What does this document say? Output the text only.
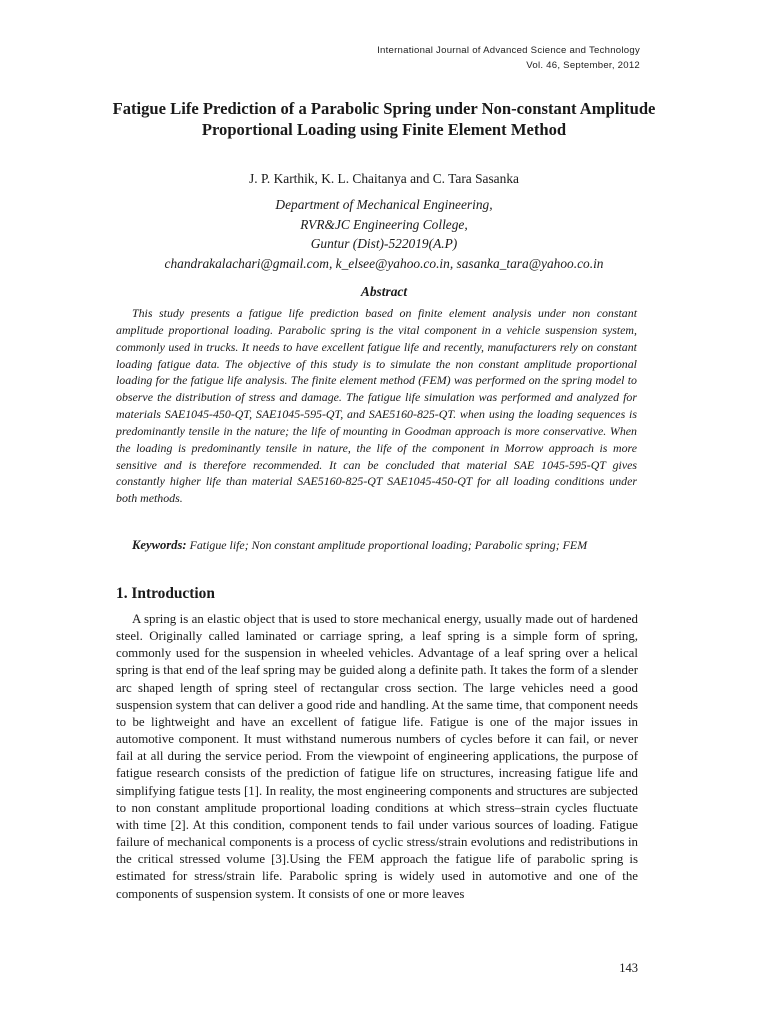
International Journal of Advanced Science and Technology
Vol. 46, September, 2012
Fatigue Life Prediction of a Parabolic Spring under Non-constant Amplitude Proportional Loading using Finite Element Method
J. P. Karthik, K. L. Chaitanya and C. Tara Sasanka
Department of Mechanical Engineering,
RVR&JC Engineering College,
Guntur (Dist)-522019(A.P)
chandrakalachari@gmail.com, k_elsee@yahoo.co.in, sasanka_tara@yahoo.co.in
Abstract
This study presents a fatigue life prediction based on finite element analysis under non constant amplitude proportional loading. Parabolic spring is the vital component in a vehicle suspension system, commonly used in trucks. It needs to have excellent fatigue life and recently, manufacturers rely on constant loading fatigue data. The objective of this study is to simulate the non constant amplitude proportional loading for the fatigue life analysis. The finite element method (FEM) was performed on the spring model to observe the distribution of stress and damage. The fatigue life simulation was performed and analyzed for materials SAE1045-450-QT, SAE1045-595-QT, and SAE5160-825-QT. when using the loading sequences is predominantly tensile in the nature; the life of mounting in Goodman approach is more conservative. When the loading is predominantly tensile in nature, the life of the component in Morrow approach is more sensitive and is therefore recommended. It can be concluded that material SAE 1045-595-QT gives constantly higher life than material SAE5160-825-QT SAE1045-450-QT for all loading conditions under both methods.
Keywords: Fatigue life; Non constant amplitude proportional loading; Parabolic spring; FEM
1. Introduction
A spring is an elastic object that is used to store mechanical energy, usually made out of hardened steel. Originally called laminated or carriage spring, a leaf spring is a simple form of spring, commonly used for the suspension in wheeled vehicles. Advantage of a leaf spring over a helical spring is that end of the leaf spring may be guided along a definite path. It takes the form of a slender arc shaped length of spring steel of rectangular cross section. The large vehicles need a good suspension system that can deliver a good ride and handling. At the same time, that component needs to be lightweight and have an excellent of fatigue life. Fatigue is one of the major issues in automotive component. It must withstand numerous numbers of cycles before it can fail, or never fail at all during the service period. From the viewpoint of engineering applications, the purpose of fatigue research consists of the prediction of fatigue life on structures, increasing fatigue life and simplifying fatigue tests [1]. In reality, the most engineering components and structures are subjected to non constant amplitude proportional loading conditions at which stress–strain cycles fluctuate with time [2]. At this condition, component tends to fail under various sources of loading. Fatigue failure of mechanical components is a process of cyclic stress/strain evolutions and redistributions in the critical stressed volume [3].Using the FEM approach the fatigue life of parabolic spring is estimated for stress/strain life. Parabolic spring is widely used in automotive and one of the components of suspension system. It consists of one or more leaves
143
